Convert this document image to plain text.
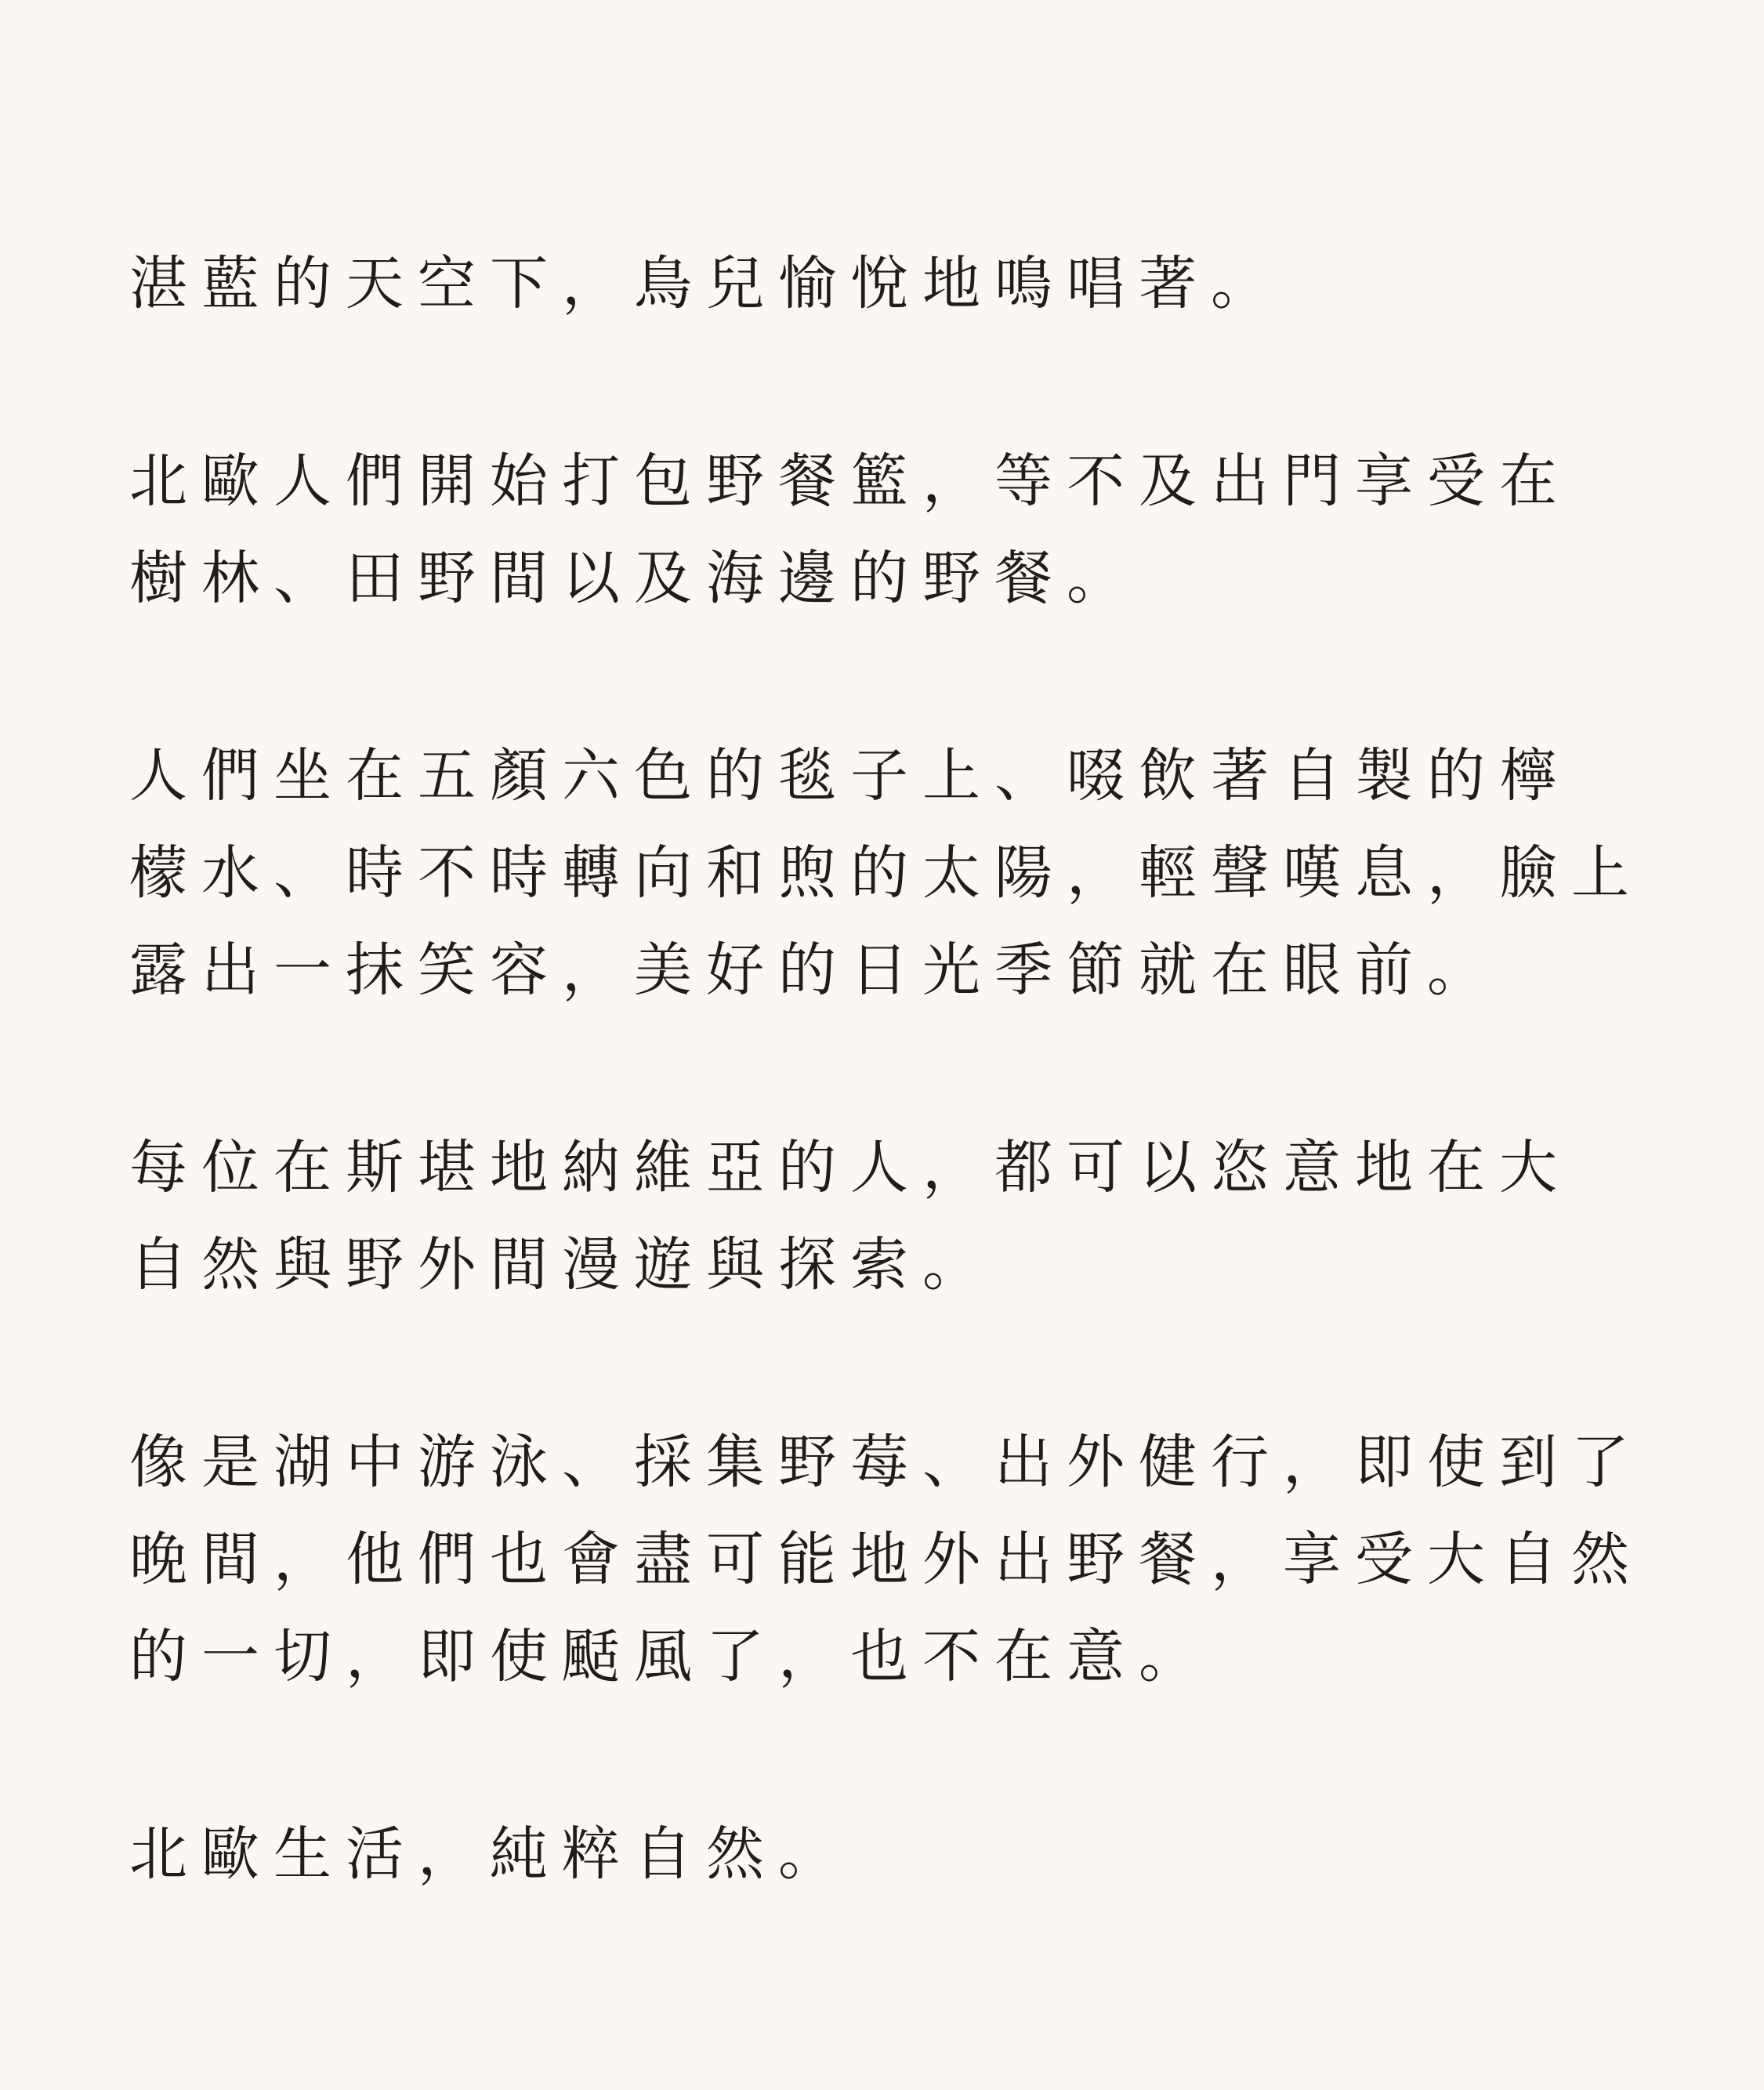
湛藍的天空下，鳥兒愉悅地鳴唱著。

北歐人們開始打包野餐籃，等不及出門享受在
樹林、田野間以及海邊的野餐。

人們坐在五顏六色的毯子上、啜飲著自製的檸
檬水、時不時轉向和煦的太陽，輕聲嘆息，臉上
露出一抹笑容，美好的日光季節就在眼前。

每位在斯堪地納維亞的人，都可以恣意地在大
自然與野外間漫遊與探索。

像是湖中游泳、採集野莓、出外健行，即使到了
晚間，他們也會盡可能地外出野餐，享受大自然
的一切，即使颳風了，也不在意。

北歐生活，純粹自然。
